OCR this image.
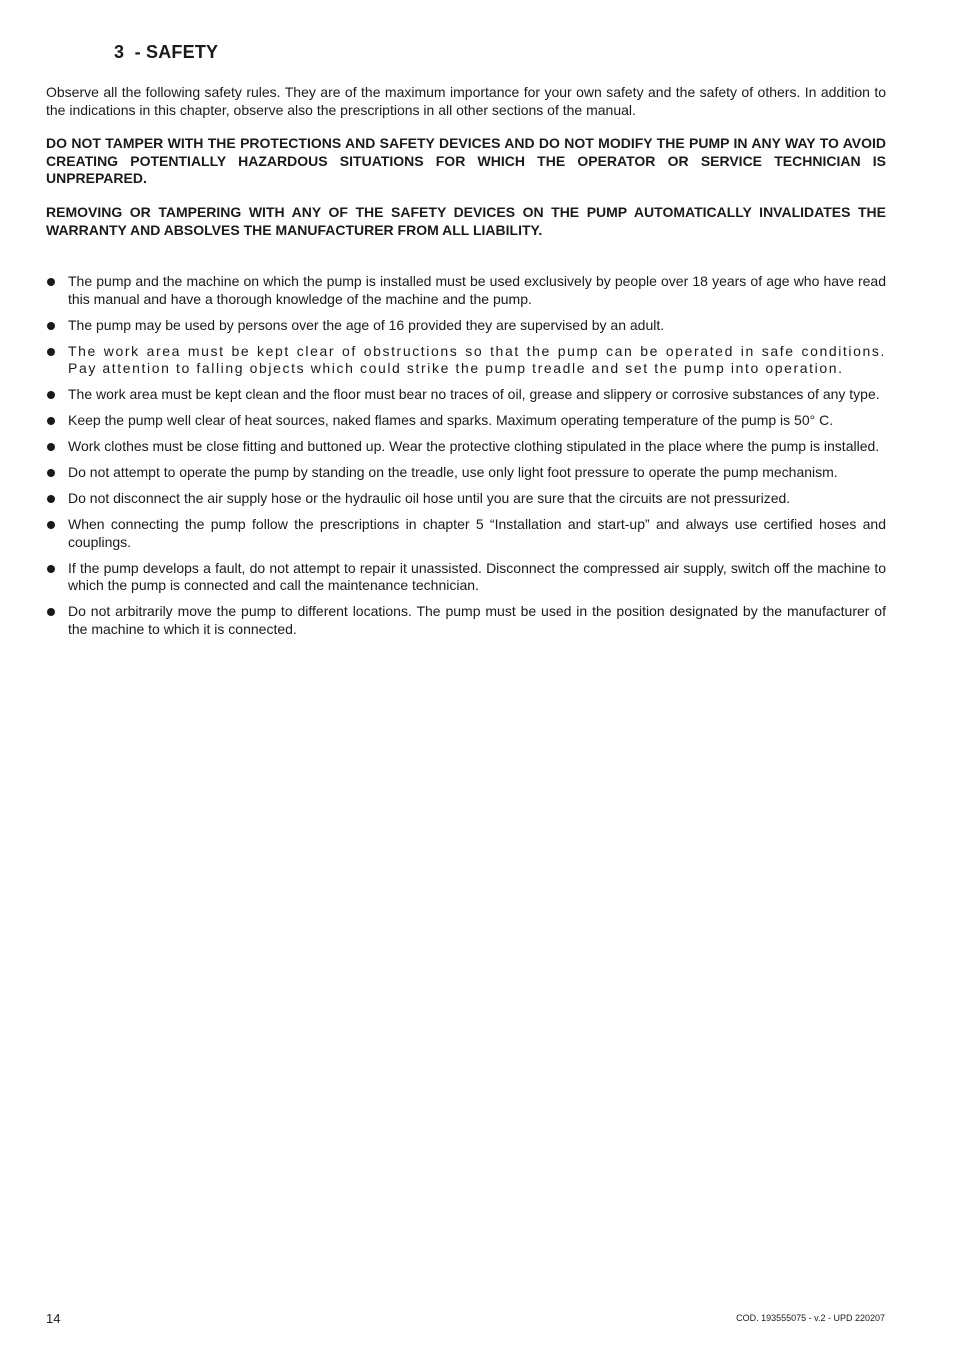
3  - SAFETY

Observe all the following safety rules. They are of the maximum importance for your own safety and the safety of others. In addition to the indications in this chapter, observe also the prescriptions in all other sections of the manual.

DO NOT TAMPER WITH THE PROTECTIONS AND SAFETY DEVICES AND DO NOT MODIFY THE PUMP IN ANY WAY TO AVOID CREATING POTENTIALLY HAZARDOUS SITUATIONS FOR WHICH THE OPERATOR OR SERVICE TECHNICIAN IS UNPREPARED.

REMOVING OR TAMPERING WITH ANY OF THE SAFETY DEVICES ON THE PUMP AUTOMATICALLY INVALIDATES THE WARRANTY AND ABSOLVES THE MANUFACTURER FROM ALL LIABILITY.

The pump and the machine on which the pump is installed must be used exclusively by people over 18 years of age who have read this manual and have a thorough knowledge of the machine and the pump.
The pump may be used by persons over the age of 16 provided they are supervised by an adult.
The work area must be kept clear of obstructions so that the pump can be operated in safe conditions. Pay attention to falling objects which could strike the pump treadle and set the pump into operation.
The work area must be kept clean and the floor must bear no traces of oil, grease and slippery or corrosive substances of any type.
Keep the pump well clear of heat sources, naked flames and sparks. Maximum operating temperature of the pump is 50° C.
Work clothes must be close fitting and buttoned up. Wear the protective clothing stipulated in the place where the pump is installed.
Do not attempt to operate the pump by standing on the treadle, use only light foot pressure to operate the pump mechanism.
Do not disconnect the air supply hose or the hydraulic oil hose until you are sure that the circuits are not pressurized.
When connecting the pump follow the prescriptions in chapter 5 “Installation and start-up” and always use certified hoses and couplings.
If the pump develops a fault, do not attempt to repair it unassisted. Disconnect the compressed air supply, switch off the machine to which the pump is connected and call the maintenance technician.
Do not arbitrarily move the pump to different locations. The pump must be used in the position designated by the manufacturer of the machine to which it is connected.
14	COD. 193555075 - v.2 - UPD 220207
